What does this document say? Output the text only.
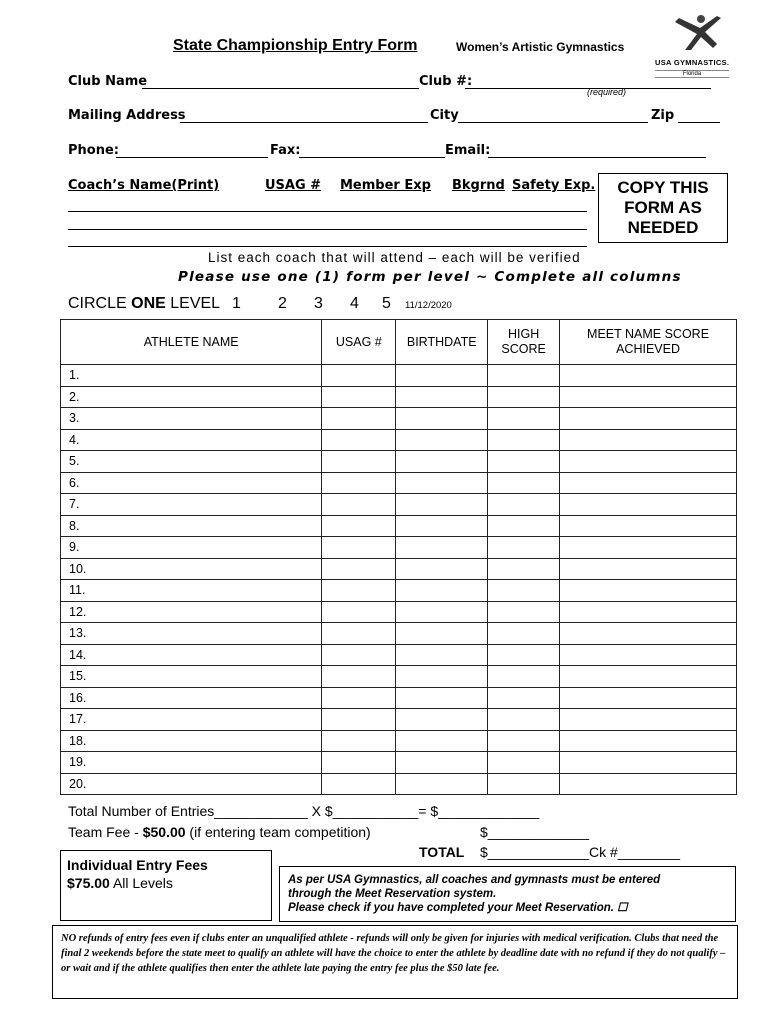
State Championship Entry Form	Women’s Artistic Gymnastics
USA GYMNASTICS.
Florida
Club Name	Club #:
(required)
Mailing Address	City	Zip
Phone:	Fax:	Email:
Coach’s Name(Print)	USAG # Member Exp Bkgrnd Safety Exp.	COPY THIS FORM AS NEEDED
List each coach that will attend – each will be verified
Please use one (1) form per level ~ Complete all columns
CIRCLE ONE LEVEL 1 2 3 4 5 11/12/2020
ATHLETE NAME	USAG #	BIRTHDATE	HIGH SCORE	MEET NAME SCORE ACHIEVED

1.				
2.				
3.				
4.				
5.				
6.				
7.				
8.				
9.				
10.				
11.				
12.				
13.				
14.				
15.				
16.				
17.				
18.				
19.				
20.				
Total Number of Entries____________ X $___________= $_____________
Team Fee - $50.00 (if entering team competition)	$_____________
TOTAL $_____________Ck #________
Individual Entry Fees
$75.00 All Levels	As per USA Gymnastics, all coaches and gymnasts must be entered
through the Meet Reservation system.
Please check if you have completed your Meet Reservation. ☐
NO refunds of entry fees even if clubs enter an unqualified athlete - refunds will only be given for injuries with medical verification. Clubs that need the final 2 weekends before the state meet to qualify an athlete will have the choice to enter the athlete by deadline date with no refund if they do not qualify – or wait and if the athlete qualifies then enter the athlete late paying the entry fee plus the $50 late fee.
